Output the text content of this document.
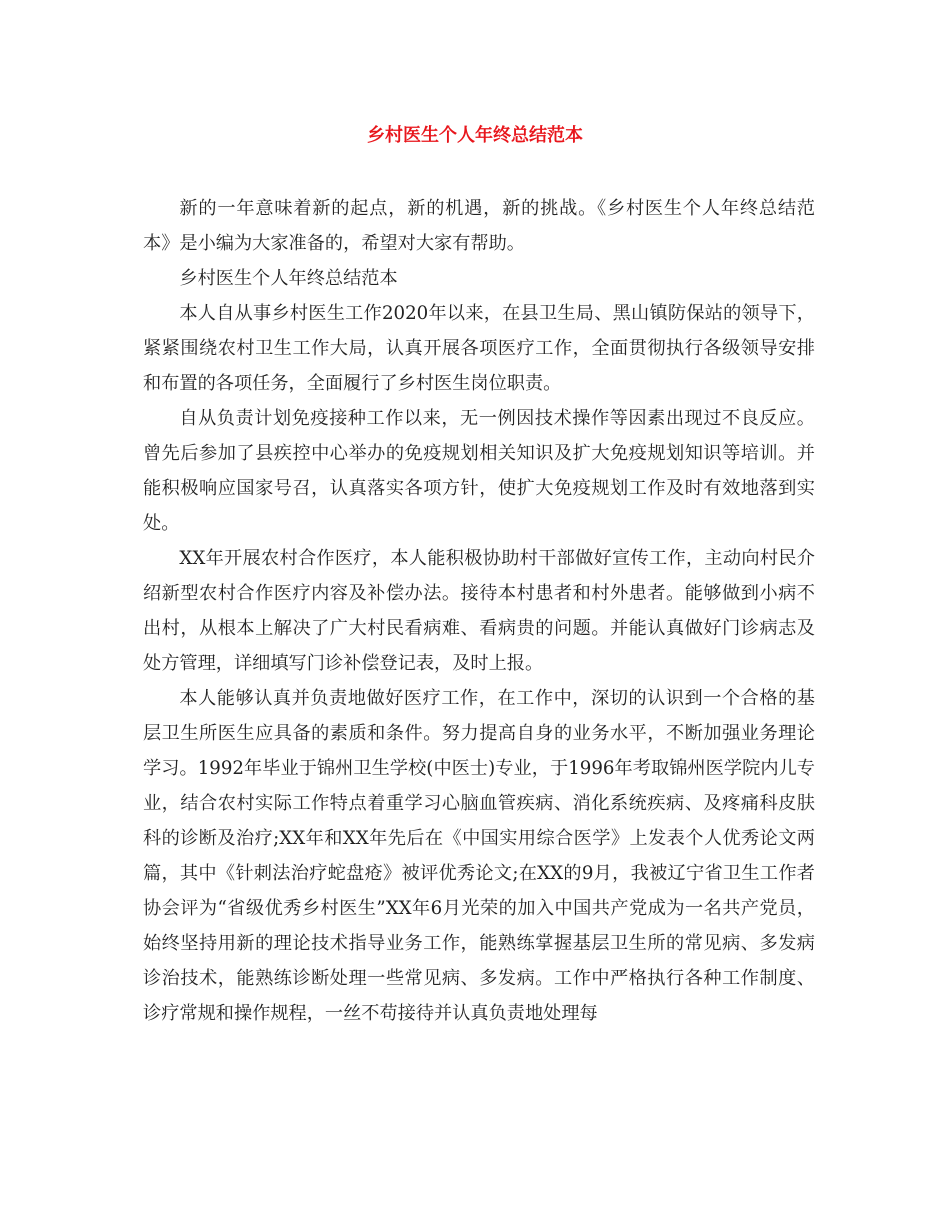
乡村医生个人年终总结范本

新的一年意味着新的起点，新的机遇，新的挑战。《乡村医生个人年终总结范本》是小编为大家准备的，希望对大家有帮助。

乡村医生个人年终总结范本

本人自从事乡村医生工作2020年以来，在县卫生局、黑山镇防保站的领导下，紧紧围绕农村卫生工作大局，认真开展各项医疗工作，全面贯彻执行各级领导安排和布置的各项任务，全面履行了乡村医生岗位职责。

自从负责计划免疫接种工作以来，无一例因技术操作等因素出现过不良反应。曾先后参加了县疾控中心举办的免疫规划相关知识及扩大免疫规划知识等培训。并能积极响应国家号召，认真落实各项方针，使扩大免疫规划工作及时有效地落到实处。

XX年开展农村合作医疗，本人能积极协助村干部做好宣传工作，主动向村民介绍新型农村合作医疗内容及补偿办法。接待本村患者和村外患者。能够做到小病不出村，从根本上解决了广大村民看病难、看病贵的问题。并能认真做好门诊病志及处方管理，详细填写门诊补偿登记表，及时上报。

本人能够认真并负责地做好医疗工作，在工作中，深切的认识到一个合格的基层卫生所医生应具备的素质和条件。努力提高自身的业务水平，不断加强业务理论学习。1992年毕业于锦州卫生学校(中医士)专业，于1996年考取锦州医学院内儿专业，结合农村实际工作特点着重学习心脑血管疾病、消化系统疾病、及疼痛科皮肤科的诊断及治疗;XX年和XX年先后在《中国实用综合医学》上发表个人优秀论文两篇，其中《针刺法治疗蛇盘疮》被评优秀论文;在XX的9月，我被辽宁省卫生工作者协会评为“省级优秀乡村医生”XX年6月光荣的加入中国共产党成为一名共产党员，始终坚持用新的理论技术指导业务工作，能熟练掌握基层卫生所的常见病、多发病诊治技术，能熟练诊断处理一些常见病、多发病。工作中严格执行各种工作制度、诊疗常规和操作规程，一丝不苟接待并认真负责地处理每
